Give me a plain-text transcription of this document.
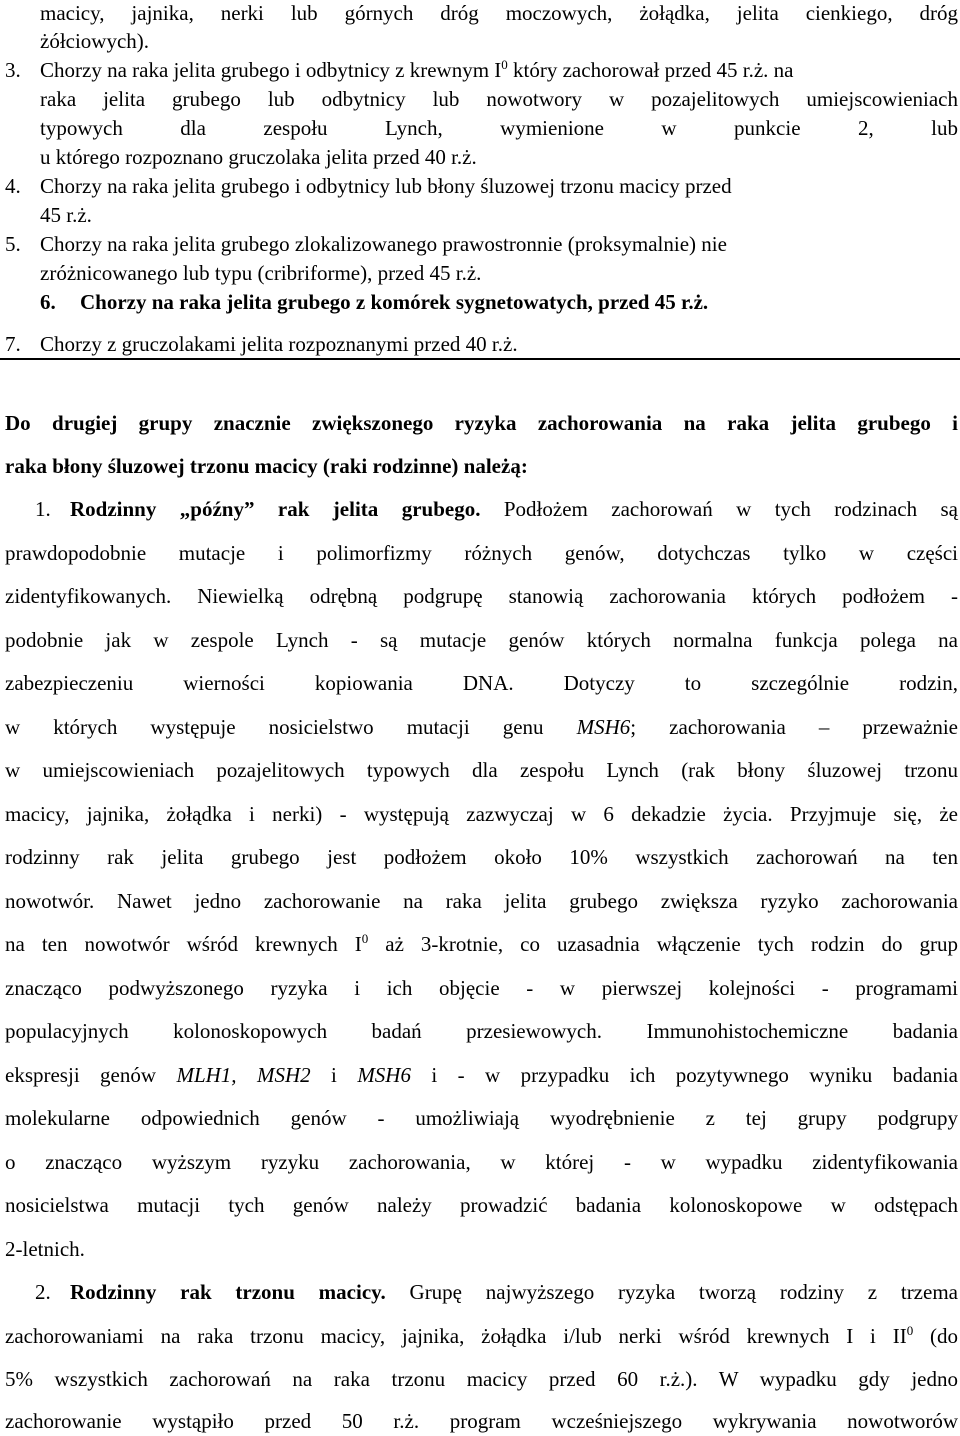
macicy, jajnika, nerki lub górnych dróg moczowych, żołądka, jelita cienkiego, dróg

żółciowych).

3. Chorzy na raka jelita grubego i odbytnicy z krewnym $I^0$ który zachorował przed 45 r.ż. na

raka jelita grubego lub odbytnicy lub nowotwory w pozajelitowych umiejscowieniach

typowych dla zespołu Lynch, wymienione w punkcie 2, lub

u którego rozpoznano gruczolaka jelita przed 40 r.ż.

4. Chorzy na raka jelita grubego i odbytnicy lub błony śluzowej trzonu macicy przed

45 r.ż.

5. Chorzy na raka jelita grubego zlokalizowanego prawostronnie (proksymalnie) nie

zróżnicowanego lub typu (cribriforme), przed 45 r.ż.

6. Chorzy na raka jelita grubego z komórek sygnetowatych, przed 45 r.ż.

7. Chorzy z gruczolakami jelita rozpoznanymi przed 40 r.ż.

Do drugiej grupy znacznie zwiększonego ryzyka zachorowania na raka jelita grubego i

raka błony śluzowej trzonu macicy (raki rodzinne) należą:

1. Rodzinny „późny” rak jelita grubego. Podłożem zachorowań w tych rodzinach są

prawdopodobnie mutacje i polimorfizmy różnych genów, dotychczas tylko w części

zidentyfikowanych. Niewielką odrębną podgrupę stanowią zachorowania których podłożem -

podobnie jak w zespole Lynch - są mutacje genów których normalna funkcja polega na

zabezpieczeniu wierności kopiowania DNA. Dotyczy to szczególnie rodzin,

w których występuje nosicielstwo mutacji genu MSH6; zachorowania – przeważnie

w umiejscowieniach pozajelitowych typowych dla zespołu Lynch (rak błony śluzowej trzonu

macicy, jajnika, żołądka i nerki) - występują zazwyczaj w 6 dekadzie życia. Przyjmuje się, że

rodzinny rak jelita grubego jest podłożem około 10% wszystkich zachorowań na ten

nowotwór. Nawet jedno zachorowanie na raka jelita grubego zwiększa ryzyko zachorowania

na ten nowotwór wśród krewnych $I^0$ aż 3-krotnie, co uzasadnia włączenie tych rodzin do grup

znacząco podwyższonego ryzyka i ich objęcie - w pierwszej kolejności - programami

populacyjnych kolonoskopowych badań przesiewowych. Immunohistochemiczne badania

ekspresji genów MLH1, MSH2 i MSH6 i - w przypadku ich pozytywnego wyniku badania

molekularne odpowiednich genów - umożliwiają wyodrębnienie z tej grupy podgrupy

o znacząco wyższym ryzyku zachorowania, w której - w wypadku zidentyfikowania

nosicielstwa mutacji tych genów należy prowadzić badania kolonoskopowe w odstępach

2-letnich.

2. Rodzinny rak trzonu macicy. Grupę najwyższego ryzyka tworzą rodziny z trzema

zachorowaniami na raka trzonu macicy, jajnika, żołądka i/lub nerki wśród krewnych I i $II^0$ (do

5% wszystkich zachorowań na raka trzonu macicy przed 60 r.ż.). W wypadku gdy jedno

zachorowanie wystąpiło przed 50 r.ż. program wcześniejszego wykrywania nowotworów
